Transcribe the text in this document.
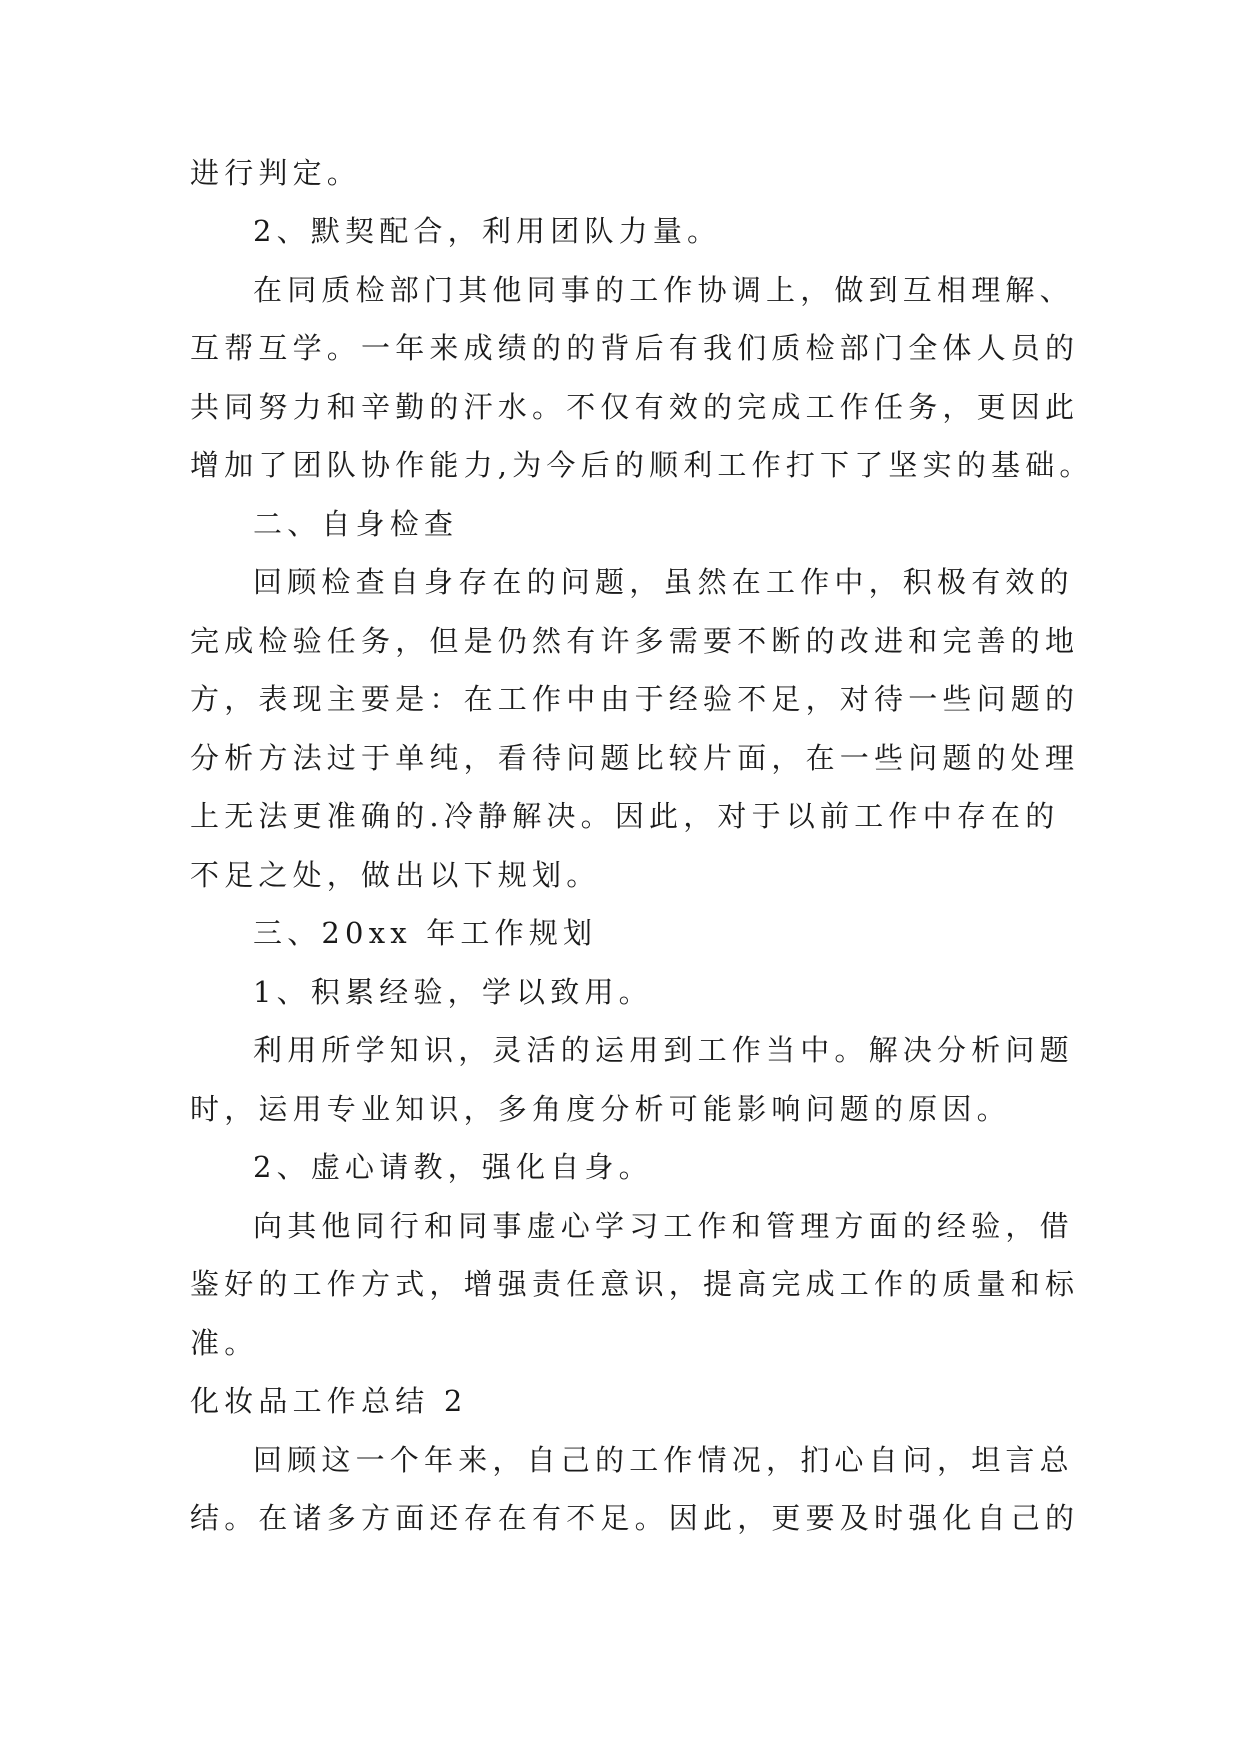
进行判定。
2、默契配合，利用团队力量。
在同质检部门其他同事的工作协调上，做到互相理解、
互帮互学。一年来成绩的的背后有我们质检部门全体人员的
共同努力和辛勤的汗水。不仅有效的完成工作任务，更因此
增加了团队协作能力,为今后的顺利工作打下了坚实的基础。
二、自身检查
回顾检查自身存在的问题，虽然在工作中，积极有效的
完成检验任务，但是仍然有许多需要不断的改进和完善的地
方，表现主要是：在工作中由于经验不足，对待一些问题的
分析方法过于单纯，看待问题比较片面，在一些问题的处理
上无法更准确的.冷静解决。因此，对于以前工作中存在的
不足之处，做出以下规划。
三、20xx 年工作规划
1、积累经验，学以致用。
利用所学知识，灵活的运用到工作当中。解决分析问题
时，运用专业知识，多角度分析可能影响问题的原因。
2、虚心请教，强化自身。
向其他同行和同事虚心学习工作和管理方面的经验，借
鉴好的工作方式，增强责任意识，提高完成工作的质量和标
准。
化妆品工作总结 2
回顾这一个年来，自己的工作情况，扪心自问，坦言总
结。在诸多方面还存在有不足。因此，更要及时强化自己的
